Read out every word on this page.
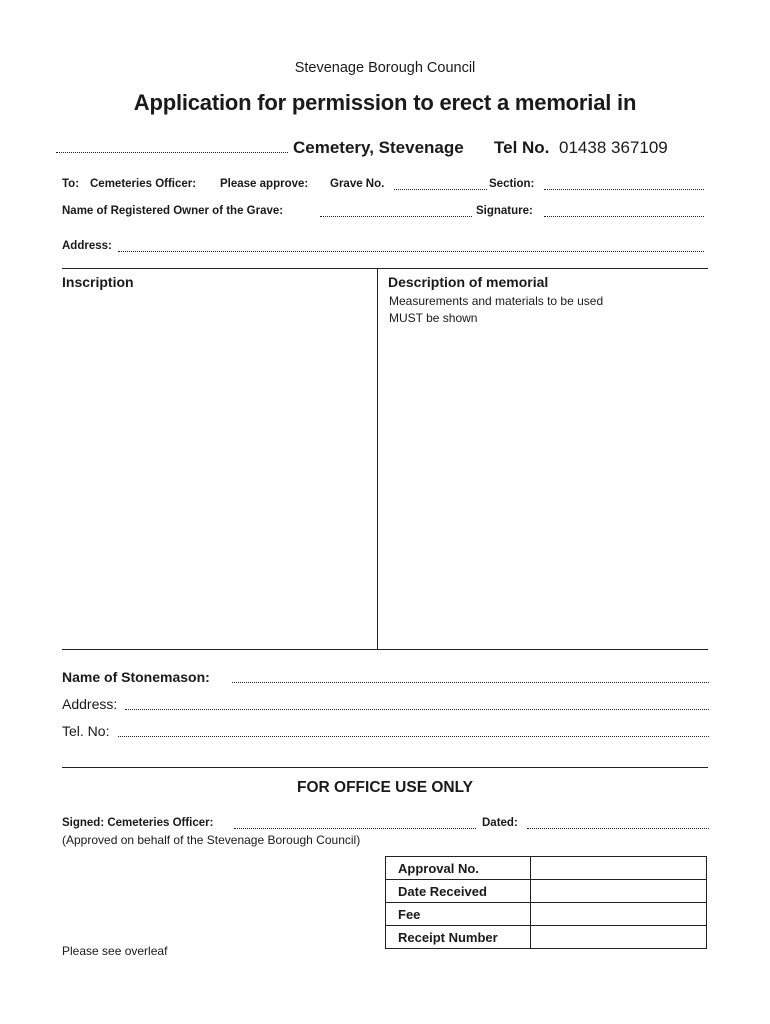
Stevenage Borough Council
Application for permission to erect a memorial in
Cemetery, Stevenage Tel No. 01438 367109
To: Cemeteries Officer: Please approve: Grave No.	Section:
Name of Registered Owner of the Grave:	Signature:
Address:
Inscription	Description of memorial
Measurements and materials to be used
MUST be shown
Name of Stonemason:
Address:
Tel. No:
FOR OFFICE USE ONLY
Signed: Cemeteries Officer:	Dated:
(Approved on behalf of the Stevenage Borough Council)
Approval No.	
Date Received	
Fee	
Receipt Number	
Please see overleaf
